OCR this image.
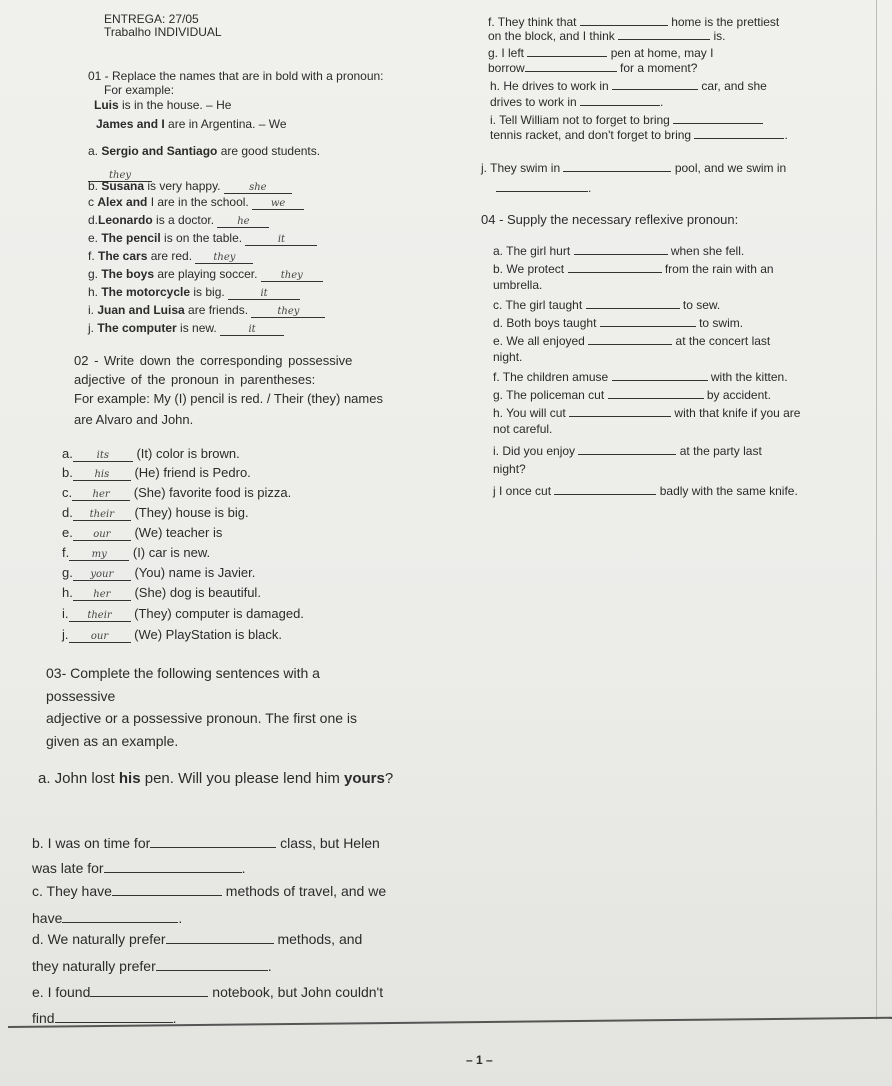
ENTREGA: 27/05
Trabalho INDIVIDUAL
01 - Replace the names that are in bold with a pronoun:
For example:
Luis is in the house. – He
James and I are in Argentina. – We
a. Sergio and Santiago are good students.
they
b. Susana is very happy.	she
c Alex and I are in the school. we
d.Leonardo is a doctor. he
e. The pencil is on the table.	it
f. The cars are red. they
g. The boys are playing soccer. they
h. The motorcycle is big.	it
i. Juan and Luisa are friends.	they
j. The computer is new.	it
02 - Write down the corresponding possessive
adjective of the pronoun in parentheses:
For example: My (I) pencil is red. / Their (they) names
are Alvaro and John.
a. its (It) color is brown.
b. his (He) friend is Pedro.
c. her (She) favorite food is pizza.
d. their (They) house is big.
e. our (We) teacher is
f. my (I) car is new.
g. your (You) name is Javier.
h. her (She) dog is beautiful.
i. their (They) computer is damaged.
j. our (We) PlayStation is black.
03- Complete the following sentences with a
possessive
adjective or a possessive pronoun. The first one is
given as an example.
a. John lost his pen. Will you please lend him yours?
b. I was on time for	class, but Helen
was late for	.
c. They have	methods of travel, and we
have	.
d. We naturally prefer	methods, and
they naturally prefer	.
e. I found	notebook, but John couldn't
find	.
f. They think that	home is the prettiest
on the block, and I think	is.
g. I left	pen at home, may I
borrow	for a moment?
h. He drives to work in	car, and she
drives to work in	.
i. Tell William not to forget to bring
tennis racket, and don't forget to bring	.
j. They swim in	pool, and we swim in
.
04 - Supply the necessary reflexive pronoun:
a. The girl hurt	when she fell.
b. We protect	from the rain with an
umbrella.
c. The girl taught	to sew.
d. Both boys taught	to swim.
e. We all enjoyed	at the concert last
night.
f. The children amuse	with the kitten.
g. The policeman cut	by accident.
h. You will cut	with that knife if you are
not careful.
i. Did you enjoy	at the party last
night?
j I once cut	badly with the same knife.
– 1 –
